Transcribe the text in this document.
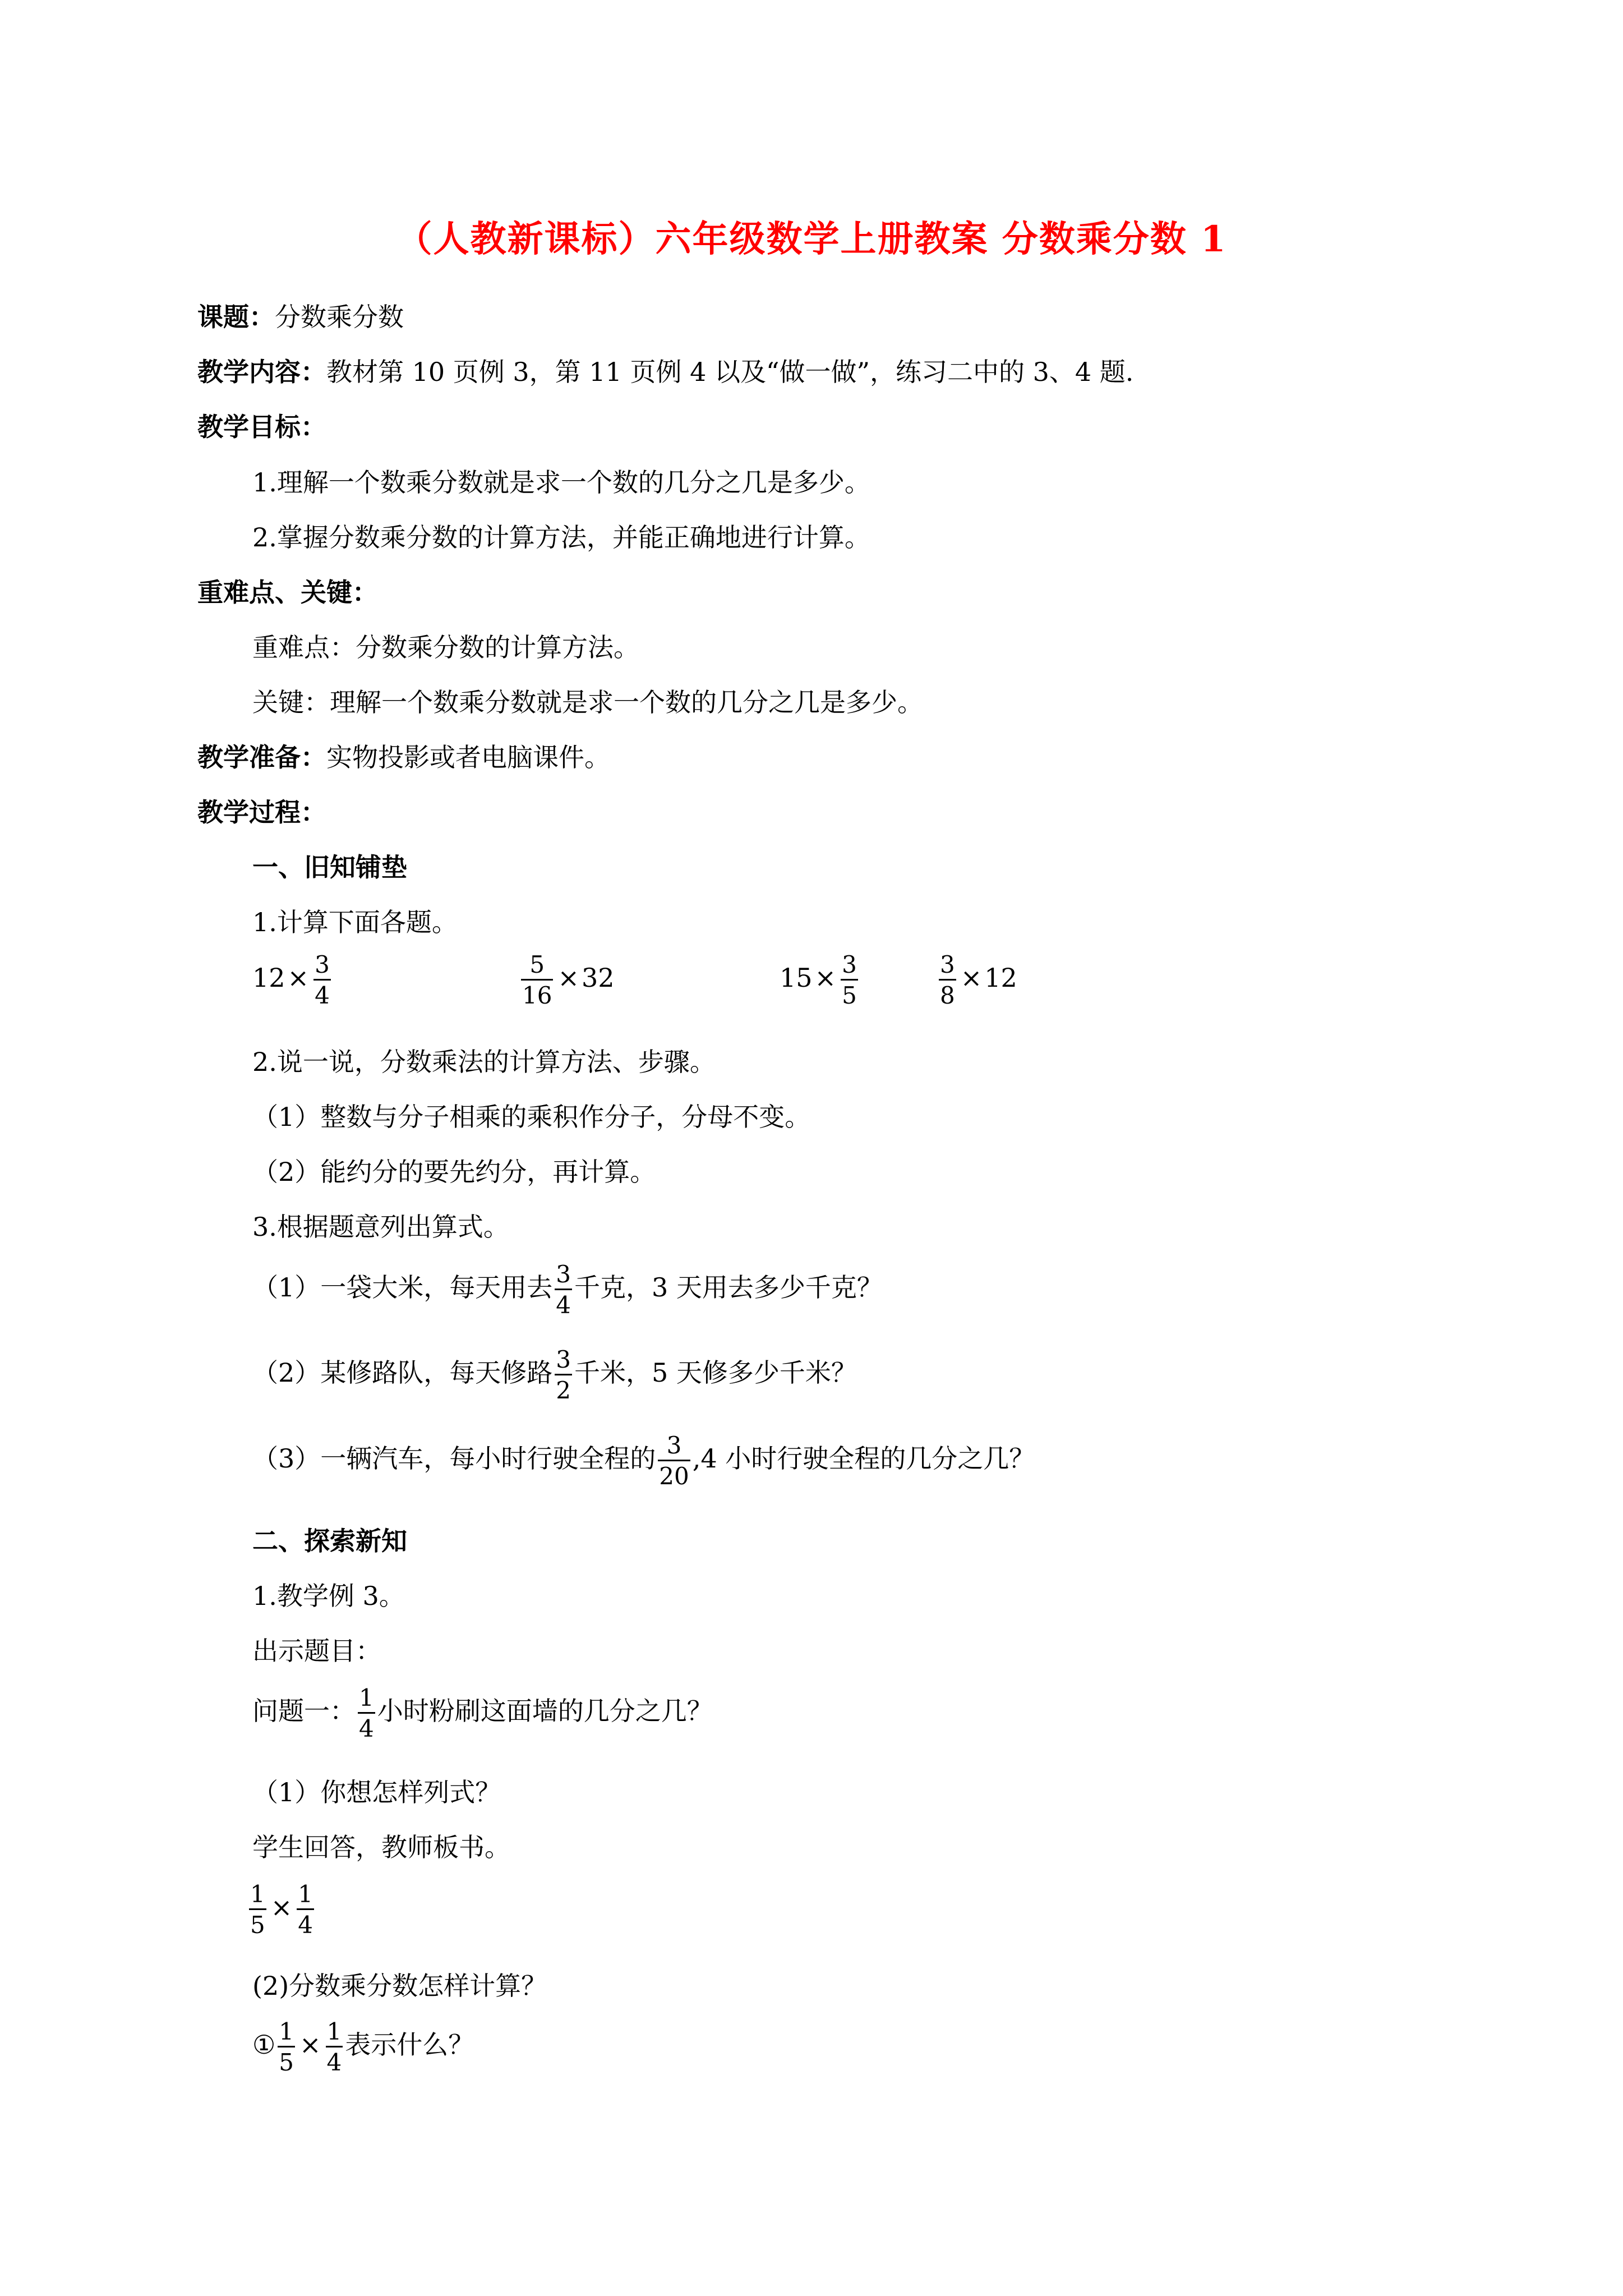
（人教新课标）六年级数学上册教案 分数乘分数 1
课题：分数乘分数
教学内容：教材第 10 页例 3，第 11 页例 4 以及“做一做”，练习二中的 3、4 题.
教学目标：
1.理解一个数乘分数就是求一个数的几分之几是多少。
2.掌握分数乘分数的计算方法，并能正确地进行计算。
重难点、关键：
重难点：分数乘分数的计算方法。
关键：理解一个数乘分数就是求一个数的几分之几是多少。
教学准备：实物投影或者电脑课件。
教学过程：
一、旧知铺垫
1.计算下面各题。
$12\times \frac{3}{4}$	$\frac{5}{16} \times 32$	$15\times \frac{3}{5}$	$\frac{3}{8} \times 12$
2.说一说，分数乘法的计算方法、步骤。
（1）整数与分子相乘的乘积作分子，分母不变。
（2）能约分的要先约分，再计算。
3.根据题意列出算式。
（1）一袋大米，每天用去 $\frac{3}{4}$ 千克，3 天用去多少千克？
（2）某修路队，每天修路 $\frac{3}{2}$ 千米，5 天修多少千米？
（3）一辆汽车，每小时行驶全程的 $\frac{3}{20} ,4$ 小时行驶全程的几分之几？
二、探索新知
1.教学例 3。
出示题目：
问题一： $\frac{1}{4}$ 小时粉刷这面墙的几分之几？
（1）你想怎样列式？
学生回答，教师板书。
$\frac{1}{5} \times \frac{1}{4}$
(2)分数乘分数怎样计算？
① $\frac{1}{5} \times \frac{1}{4}$ 表示什么？
